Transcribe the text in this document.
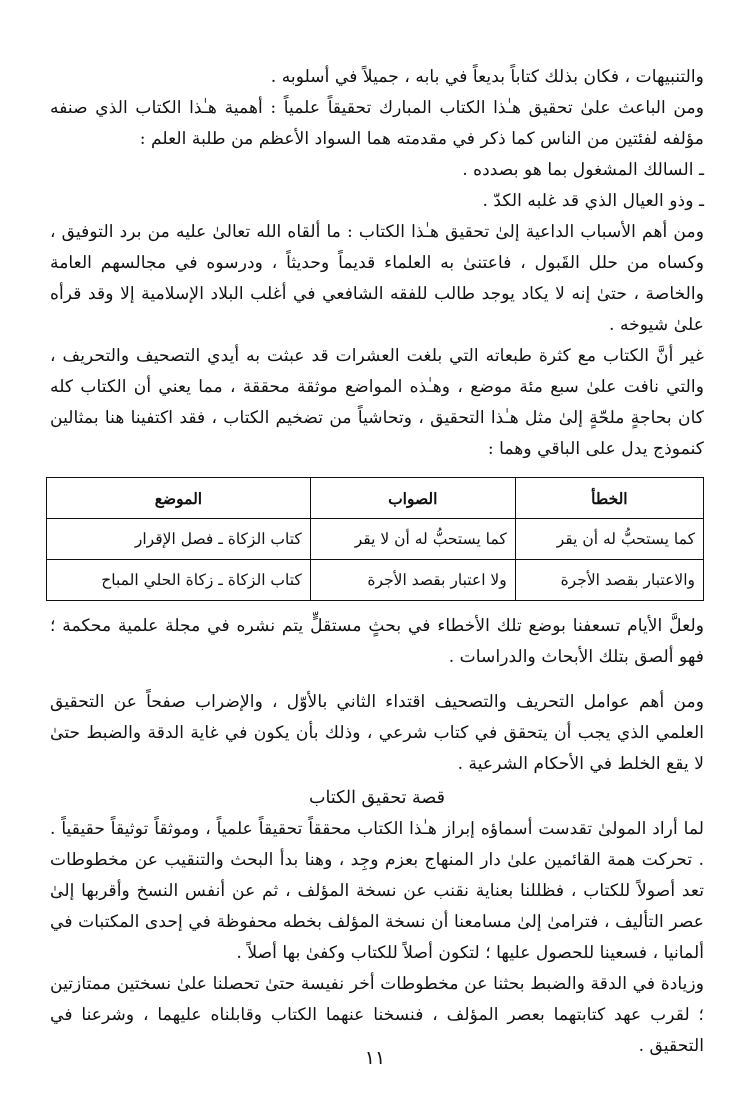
والتنبيهات ، فكان بذلك كتاباً بديعاً في بابه ، جميلاً في أسلوبه .

ومن الباعث علىٰ تحقيق هـٰذا الكتاب المبارك تحقيقاً علمياً : أهمية هـٰذا الكتاب الذي صنفه مؤلفه لفئتين من الناس كما ذكر في مقدمته هما السواد الأعظم من طلبة العلم :

ـ السالك المشغول بما هو بصدده .

ـ وذو العيال الذي قد غلبه الكدّ .

ومن أهم الأسباب الداعية إلىٰ تحقيق هـٰذا الكتاب : ما ألقاه الله تعالىٰ عليه من برد التوفيق ، وكساه من حلل القَبول ، فاعتنىٰ به العلماء قديماً وحديثاً ، ودرسوه في مجالسهم العامة والخاصة ، حتىٰ إنه لا يكاد يوجد طالب للفقه الشافعي في أغلب البلاد الإسلامية إلا وقد قرأه علىٰ شيوخه .

غير أنَّ الكتاب مع كثرة طبعاته التي بلغت العشرات قد عبثت به أيدي التصحيف والتحريف ، والتي نافت علىٰ سبع مئة موضع ، وهـٰذه المواضع موثقة محققة ، مما يعني أن الكتاب كله كان بحاجةٍ ملحّةٍ إلىٰ مثل هـٰذا التحقيق ، وتحاشياً من تضخيم الكتاب ، فقد اكتفينا هنا بمثالين كنموذج يدل على الباقي وهما :

الخطأ	الصواب	الموضع
كما يستحبُّ له أن يقر	كما يستحبُّ له أن لا يقر	كتاب الزكاة ـ فصل الإقرار
والاعتبار بقصد الأجرة	ولا اعتبار بقصد الأجرة	كتاب الزكاة ـ زكاة الحلي المباح

ولعلَّ الأيام تسعفنا بوضع تلك الأخطاء في بحثٍ مستقلٍّ يتم نشره في مجلة علمية محكمة ؛ فهو ألصق بتلك الأبحاث والدراسات .

ومن أهم عوامل التحريف والتصحيف اقتداء الثاني بالأوّل ، والإضراب صفحاً عن التحقيق العلمي الذي يجب أن يتحقق في كتاب شرعي ، وذلك بأن يكون في غاية الدقة والضبط حتىٰ لا يقع الخلط في الأحكام الشرعية .

قصة تحقيق الكتاب

لما أراد المولىٰ تقدست أسماؤه إبراز هـٰذا الكتاب محققاً تحقيقاً علمياً ، وموثقاً توثيقاً حقيقياً . . تحركت همة القائمين علىٰ دار المنهاج بعزم وجِد ، وهنا بدأ البحث والتنقيب عن مخطوطات تعد أصولاً للكتاب ، فظللنا بعناية نقنب عن نسخة المؤلف ، ثم عن أنفس النسخ وأقربها إلىٰ عصر التأليف ، فترامىٰ إلىٰ مسامعنا أن نسخة المؤلف بخطه محفوظة في إحدى المكتبات في ألمانيا ، فسعينا للحصول عليها ؛ لتكون أصلاً للكتاب وكفىٰ بها أصلاً .

وزيادة في الدقة والضبط بحثنا عن مخطوطات أخر نفيسة حتىٰ تحصلنا علىٰ نسختين ممتازتين ؛ لقرب عهد كتابتهما بعصر المؤلف ، فنسخنا عنهما الكتاب وقابلناه عليهما ، وشرعنا في التحقيق .

١١
